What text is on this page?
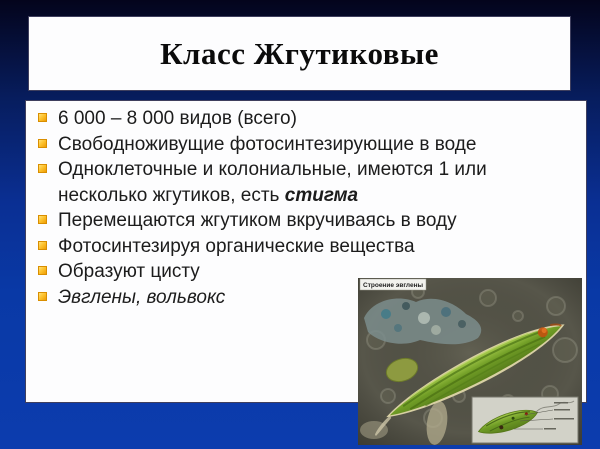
Класс Жгутиковые
6 000 – 8 000 видов (всего)
Свободноживущие фотосинтезирующие в воде
Одноклеточные и колониальные, имеются 1 или несколько жгутиков, есть стигма
Перемещаются жгутиком вкручиваясь в воду
Фотосинтезируя органические вещества
Образуют цисту
Эвглены, вольвокс
Строение эвглены
